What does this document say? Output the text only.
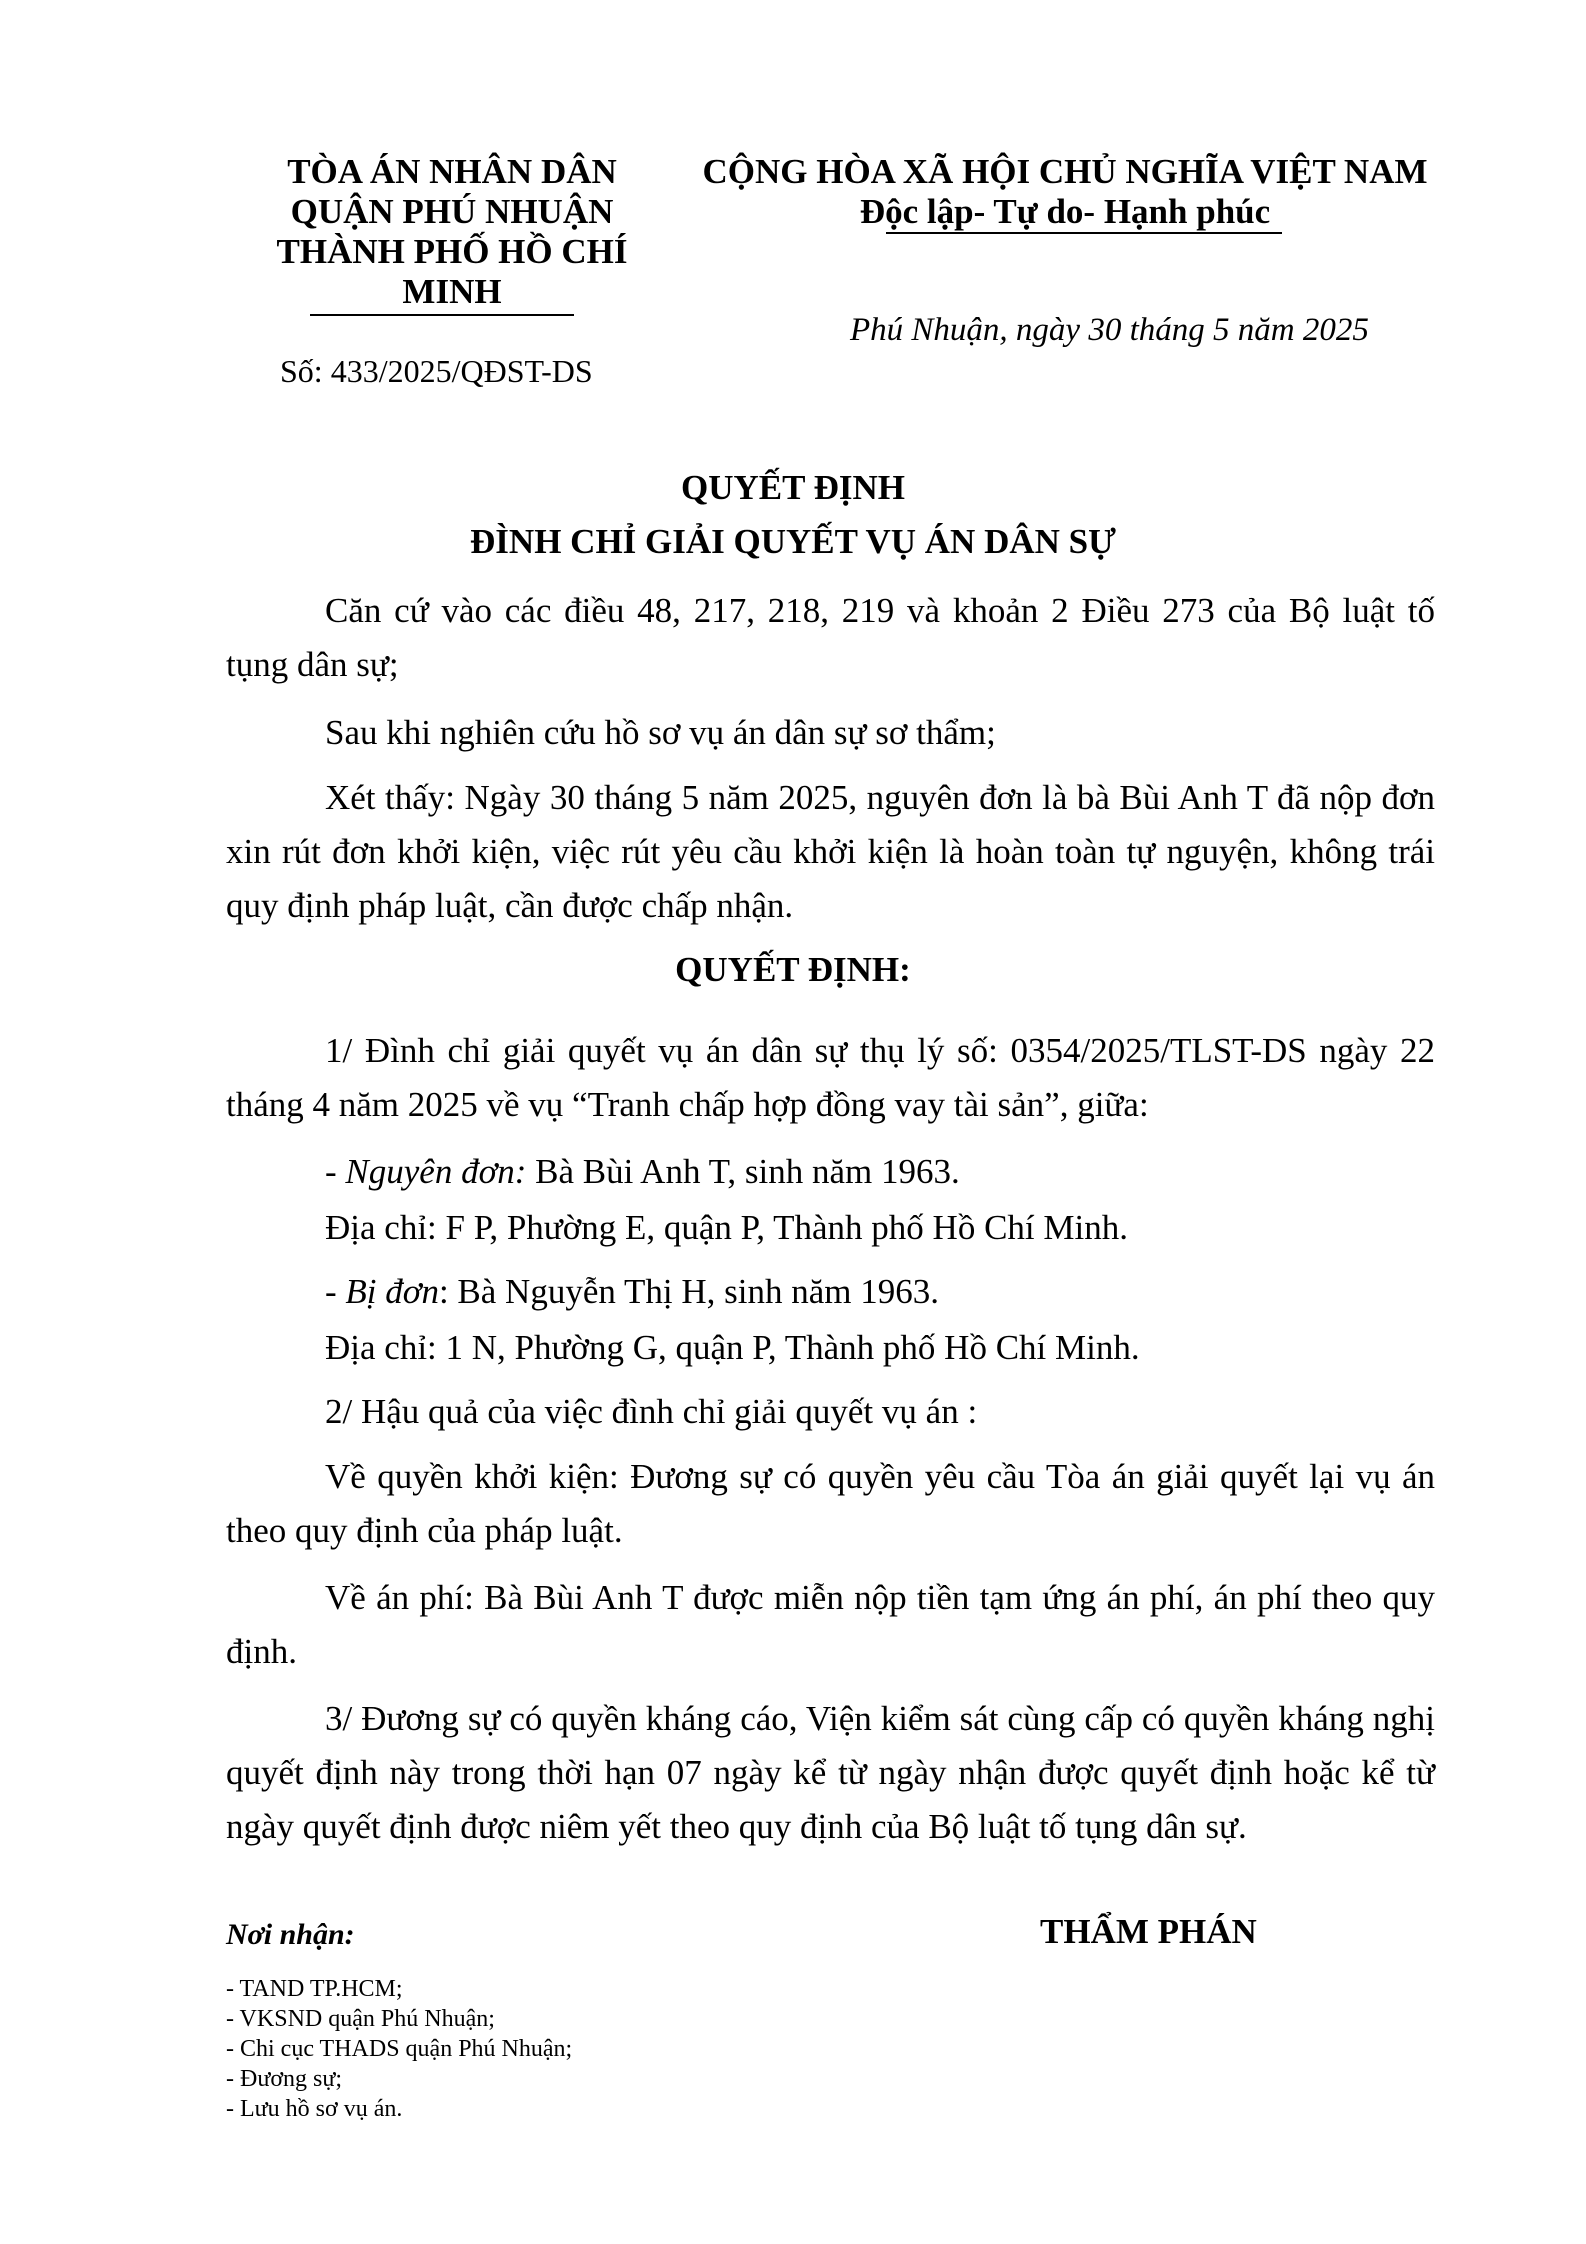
TÒA ÁN NHÂN DÂN
QUẬN PHÚ NHUẬN
THÀNH PHỐ HỒ CHÍ
MINH
Số: 433/2025/QĐST-DS
CỘNG HÒA XÃ HỘI CHỦ NGHĨA VIỆT NAM
Độc lập- Tự do- Hạnh phúc
Phú Nhuận, ngày 30 tháng 5 năm 2025
QUYẾT ĐỊNH
ĐÌNH CHỈ GIẢI QUYẾT VỤ ÁN DÂN SỰ
Căn cứ vào các điều 48, 217, 218, 219 và khoản 2 Điều 273 của Bộ luật tố tụng dân sự;
Sau khi nghiên cứu hồ sơ vụ án dân sự sơ thẩm;
Xét thấy: Ngày 30 tháng 5 năm 2025, nguyên đơn là bà Bùi Anh T đã nộp đơn xin rút đơn khởi kiện, việc rút yêu cầu khởi kiện là hoàn toàn tự nguyện, không trái quy định pháp luật, cần được chấp nhận.
QUYẾT ĐỊNH:
1/ Đình chỉ giải quyết vụ án dân sự thụ lý số: 0354/2025/TLST-DS ngày 22 tháng 4 năm 2025 về vụ “Tranh chấp hợp đồng vay tài sản”, giữa:
- Nguyên đơn: Bà Bùi Anh T, sinh năm 1963.
Địa chỉ: F P, Phường E, quận P, Thành phố Hồ Chí Minh.
- Bị đơn: Bà Nguyễn Thị H, sinh năm 1963.
Địa chỉ: 1 N, Phường G, quận P, Thành phố Hồ Chí Minh.
2/ Hậu quả của việc đình chỉ giải quyết vụ án :
Về quyền khởi kiện: Đương sự có quyền yêu cầu Tòa án giải quyết lại vụ án theo quy định của pháp luật.
Về án phí: Bà Bùi Anh T được miễn nộp tiền tạm ứng án phí, án phí theo quy định.
3/ Đương sự có quyền kháng cáo, Viện kiểm sát cùng cấp có quyền kháng nghị quyết định này trong thời hạn 07 ngày kể từ ngày nhận được quyết định hoặc kể từ ngày quyết định được niêm yết theo quy định của Bộ luật tố tụng dân sự.
Nơi nhận:	THẨM PHÁN
- TAND TP.HCM;
- VKSND quận Phú Nhuận;
- Chi cục THADS quận Phú Nhuận;
- Đương sự;
- Lưu hồ sơ vụ án.
